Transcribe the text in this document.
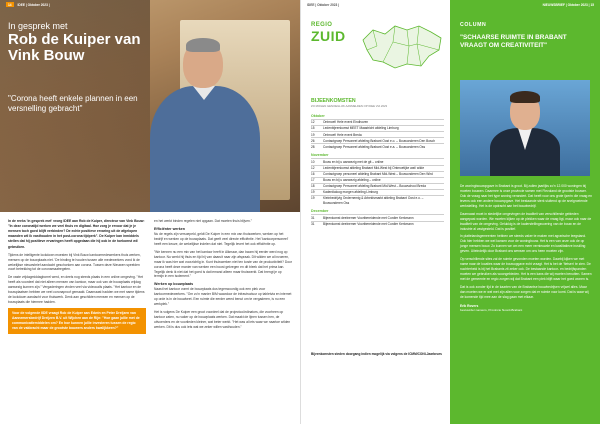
14	IDEE | Oktober 2023 |
In gesprek met
Rob de Kuiper van Vink Bouw
"Corona heeft enkele plannen in een versnelling gebracht"

In de reeks 'in gesprek met' vroeg IDEE aan Rob de Kuiper, directeur van Vink Bouw: "In deze coronatijd werken we veel thuis en digitaal. Hoe zorg je ervoor dat je je mensen toch goed blijft verbinden? De echte positieve ervaring uit de afgelopen maanden wil ik vasthouden in het post-corona tijdperk". De Kuiper kan inmiddels stellen dat hij positieve ervaringen heeft opgedaan die hij ook in de toekomst wil gebruiken.

Tijdens de intelligente lockdown moesten bij Vink Bouw kantoormedewerkers thuis werken, mensen op de bouwplaats niet. 'De binding te houden tussen alle medewerkers vond ik de wekelijkse nieuwsbrief aandacht geschonken aan corona. Tussen deze Nieuwen speelden voort betrekking tot de coronamaatregelen.

De vaste vrijdagmiddagborrel werd, en deels nog steeds plaats in een online omgeving. "Het heeft als voordeel dat niet alleen mensen van kantoor, maar ook van de bouwplaats vrijdag aanwezig kunnen zijn." Vergaderingen vinden veel via videocalls plaats. "Het kantoor en de bouwplaatsen hebben we veel coronaproof gemaakt. Daarnaast hadden we met name tijdens de lockdown aandacht voor thuiswerk. Denk aan geschikten mensen en mensen op de bouwplaats die hiermee hadden.

Voor de volgende IIDE vraagt Rob de Kuiper aan Edwin en Peter Dreijzen van Aannemersbedrijf Dreijzen B.V. uit Wijchen aan de Rijn: "Hoe gaan jullie met de communicatiemiddelen om? En hoe kunnen jullie investeren tussen de regio van de vakkracht maar de grootste bouwers anders kwalijkkeen?"

en het werkt binden regelen niet opgaan. Dat moeten thuis blijven."

Efficiënter werken

Nu de regels zijn versoepeld, geldt De Kuiper in een mix van thuiswerken, werken op het bedrijf en werken op de bouwplaats. Dat geeft veel directe efficiëntie. Het 'kantoorpersoneel' heeft een keuze, de wekelijkse indelen dat niet. Tegelijk levert het ook efficiëntie op.

"We kennen nu een mix van het kantoor heeft in Alkmaar, dan kwam hij eerder werd nog op kantoor. Nu werkt hij thuis en tijd hij van daaruit naar zijn afspraak. Dit wilden we al invoeren, maar ik was hier wat voorzichtig in. Kunt thuiswerken niet ten koste van de productiviteit? Door corona heeft deze manier van werken een boost gekregen en dit bleek dat het prima kan. Tegelijk denk ik niet dat het goed is dat iemand alleen maar thuiswerkt. Dat brengt je op termijn in een isolement."

Werken op bouwplaats

Naast het kantoor vormt de bouwplaats dus tegenwoordig ook een plek voor kantoormedewerkers. "Om zo'n manier BIM waardoor de infrastructuur op tabletvia en internet op orde is in de bouwkeet. Een ruimte die eerder weed benut om te vergaderen, is nu een werkplek."

Het is volgens De Kuiper een groot voordeel dat de projectcoördinators, die voorheen op kantoor zaten, nu vaker op de bouwplaats werken. Dat maakt de lijnen tussen hen, de uitvoerders en de voorlieden kleiner, wat beter werkt. "Het was al iets waar we naartoe wilden werken. Dit is dus ook iets wat we zeker willen vasthouden."

IDEE | Oktober 2023 |
REGIO
ZUID
BIJEENKOMSTEN
ZO MOGEN GENOEGLIJK AANMELDEN OP IDEE VIA 2023
Oktober
12	Ontmoet! Hele event Eindhoven
15	Ledenbijeenkomst MEET Maastricht afdeling Limburg
19	Ontmoet! Hele event Breda
26	Contactgroep Personeel afdeling Brabant Oost e.o. – Bouwonderen Den Bosch
28	Contactgroep Personeel afdeling Brabant Oost e.a. – Bouwonderen Oss
November
10	Bouw en bij u aanwezig met de git – online
12	Ledenbijeenkomst afdeling Brabant Mid-West bij Ontmoetijke wat/ wilde
16	Contactgroep personeel afdeling Brabant Mid-West – Bouwonderen Den Wird
17	Bouw en bij u aanwezig afdeling – online
18	Contactgroep Personeel afdeling Brabant Mid-West – Bouwschool Breda
19	Kaderdialoog morgen afdeling Limburg
19	Kleinbedrijvig Ondernemig & Arbeidsmarkt afdeling Brabant Oost e.o. – Bouwonderen Oss
December
31	Bijeenkomst deelnemer Voortbereidende met Cordier Kerkmann
31	Bijeenkomst deelnemer Voortbereidende met Cordier Kerkmann
Bijeenkomsten steden doorgang indien mogelijk via volgens de ICMM/CONI-Jaarbeurs
NIEUWSBRIEF | Oktober 2023 | 15
COLUMN
"SCHAARSE RUIMTE IN BRABANT VRAAGT OM CREATIVITEIT"

De woningbouwopgave in Brabant is groot. Bij zullen jaarlijks zo'n 12.000 woningen bij moeten bouwen. Daarmee is onze provincie samen met Flevoland de grootste bouwer. Ook de vraag naar het type woning verandert. Dat heeft voor ons grote ijzerin die vraag en tevens ook een andere bouwopgave. Het bestaande sterk sluitend op de snelgroeiende werkstelling. Het is de opdracht aan het bouwbedrijf.

Daarnaast moet in stedelijke omgevingen de kwaliteit van verschillende gebieden aangepast worden. We moeten kijken op de plekken waar de vraag ligt, maar ook naar de kwaliteit van de omgeving. Gelukkig is de kaderstellingsvoering van de bouw en de industrie al vastgesteld. Dat is positief.

In plattelandsgemeenten hebben we steeds vaker te maken met agrarische leegstand. Ook hier hebben we wel kansen voor de woningbouw. Het is een van onze ook de op jonge mensen bouw. Zo kunnen we om een meer vernieuwde en kwalitatieve invulling geven. Uiteindelijk door Brabant ons wensen om ons heen moeten zijn.

Op verschillende sites zal de ruimte gevonden moeten worden. Daarbij kijken we met name naar de locaties waar de bouwopgave echt vraagt. Het is het de 'fietsen' te zien. De nuchterheid is bij het Brabants zit zeker ook. De bestaande kantoor- en bedrijfspanden moeten we gebruiken als woongebieden. Het is een kans die wij moeten benutten. Samen met de gemeente en regio zorgen wij dat Brabant een plek blijft waar het goed wonen is.

Dat is ook zonder tijd in de kaarten van de Brabantse bouwbedrijven vrijwel alles. Maar dan moeten we er wel met zijn allen voor zorgen dat er ruimte voor komt. Dat is waar wij de komende tijd mee aan de slag gaan met elkaar.

Erik Rovers
bestuurder namens, Provincie Noord-Brabant
